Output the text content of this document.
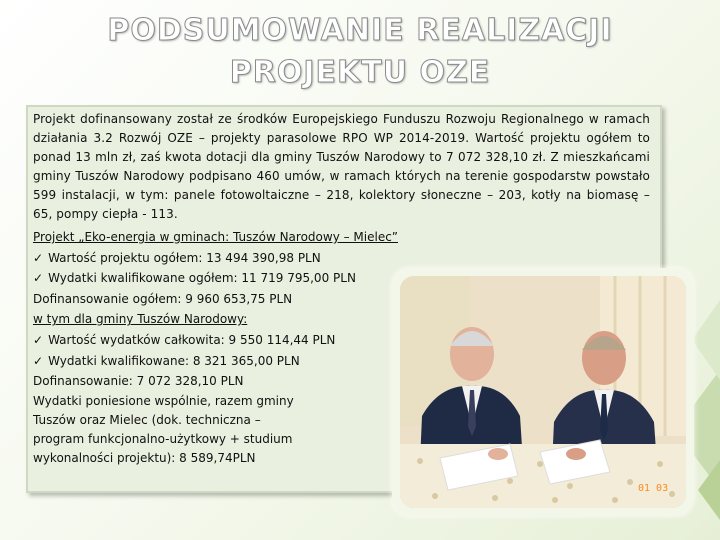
PODSUMOWANIE REALIZACJI
PROJEKTU OZE

Projekt dofinansowany został ze środków Europejskiego Funduszu Rozwoju Regionalnego w ramach działania 3.2 Rozwój OZE – projekty parasolowe RPO WP 2014-2019. Wartość projektu ogółem to ponad 13 mln zł, zaś kwota dotacji dla gminy Tuszów Narodowy to 7 072 328,10 zł. Z mieszkańcami gminy Tuszów Narodowy podpisano 460 umów, w ramach których na terenie gospodarstw powstało 599 instalacji, w tym: panele fotowoltaiczne – 218, kolektory słoneczne – 203, kotły na biomasę – 65, pompy ciepła - 113.

Projekt „Eko-energia w gminach: Tuszów Narodowy – Mielec”
✓ Wartość projektu ogółem: 13 494 390,98 PLN
✓ Wydatki kwalifikowane ogółem: 11 719 795,00 PLN
Dofinansowanie ogółem: 9 960 653,75 PLN
w tym dla gminy Tuszów Narodowy:
✓ Wartość wydatków całkowita: 9 550 114,44 PLN
✓ Wydatki kwalifikowane: 8 321 365,00 PLN
Dofinansowanie: 7 072 328,10 PLN
Wydatki poniesione wspólnie, razem gminy
Tuszów oraz Mielec (dok. techniczna –
program funkcjonalno-użytkowy + studium
wykonalności projektu): 8 589,74PLN
01 03
